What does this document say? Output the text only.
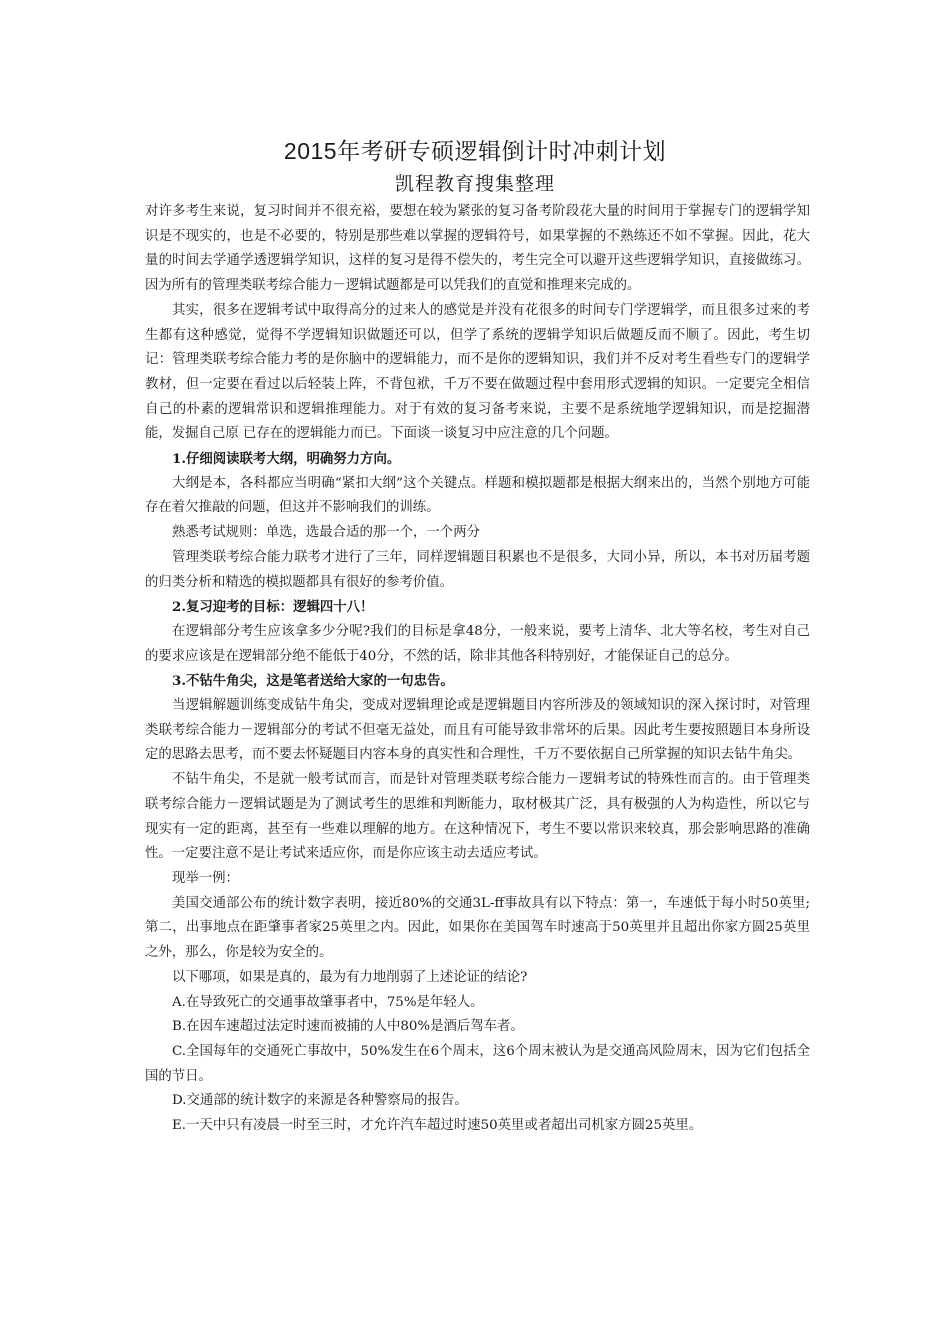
2015年考研专硕逻辑倒计时冲刺计划
凯程教育搜集整理

对许多考生来说，复习时间并不很充裕，要想在较为紧张的复习备考阶段花大量的时间用于掌握专门的逻辑学知识是不现实的，也是不必要的，特别是那些难以掌握的逻辑符号，如果掌握的不熟练还不如不掌握。因此，花大量的时间去学通学透逻辑学知识，这样的复习是得不偿失的，考生完全可以避开这些逻辑学知识，直接做练习。因为所有的管理类联考综合能力－逻辑试题都是可以凭我们的直觉和推理来完成的。

其实，很多在逻辑考试中取得高分的过来人的感觉是并没有花很多的时间专门学逻辑学，而且很多过来的考生都有这种感觉，觉得不学逻辑知识做题还可以，但学了系统的逻辑学知识后做题反而不顺了。因此，考生切记：管理类联考综合能力考的是你脑中的逻辑能力，而不是你的逻辑知识，我们并不反对考生看些专门的逻辑学教材，但一定要在看过以后轻装上阵，不背包袱，千万不要在做题过程中套用形式逻辑的知识。一定要完全相信自己的朴素的逻辑常识和逻辑推理能力。对于有效的复习备考来说，主要不是系统地学逻辑知识，而是挖掘潜能，发掘自己原 已存在的逻辑能力而已。下面谈一谈复习中应注意的几个问题。

1.仔细阅读联考大纲，明确努力方向。

大纲是本，各科都应当明确“紧扣大纲”这个关键点。样题和模拟题都是根据大纲来出的，当然个别地方可能存在着欠推敲的问题，但这并不影响我们的训练。

熟悉考试规则：单选，选最合适的那一个，一个两分

管理类联考综合能力联考才进行了三年，同样逻辑题目积累也不是很多，大同小异，所以，本书对历届考题的归类分析和精选的模拟题都具有很好的参考价值。

2.复习迎考的目标：逻辑四十八！

在逻辑部分考生应该拿多少分呢?我们的目标是拿48分，一般来说，要考上清华、北大等名校，考生对自己的要求应该是在逻辑部分绝不能低于40分，不然的话，除非其他各科特别好，才能保证自己的总分。

3.不钻牛角尖，这是笔者送给大家的一句忠告。

当逻辑解题训练变成钻牛角尖，变成对逻辑理论或是逻辑题目内容所涉及的领域知识的深入探讨时，对管理类联考综合能力－逻辑部分的考试不但毫无益处，而且有可能导致非常坏的后果。因此考生要按照题目本身所设定的思路去思考，而不要去怀疑题目内容本身的真实性和合理性，千万不要依据自己所掌握的知识去钻牛角尖。

不钻牛角尖，不是就一般考试而言，而是针对管理类联考综合能力－逻辑考试的特殊性而言的。由于管理类联考综合能力－逻辑试题是为了测试考生的思维和判断能力，取材极其广泛，具有极强的人为构造性，所以它与现实有一定的距离，甚至有一些难以理解的地方。在这种情况下，考生不要以常识来较真，那会影响思路的准确性。一定要注意不是让考试来适应你，而是你应该主动去适应考试。

现举一例：

美国交通部公布的统计数字表明，接近80%的交通3L-ff事故具有以下特点：第一，车速低于每小时50英里;第二，出事地点在距肇事者家25英里之内。因此，如果你在美国驾车时速高于50英里并且超出你家方圆25英里之外，那么，你是较为安全的。

以下哪项，如果是真的，最为有力地削弱了上述论证的结论?

A.在导致死亡的交通事故肇事者中，75%是年轻人。

B.在因车速超过法定时速而被捕的人中80%是酒后驾车者。

C.全国每年的交通死亡事故中，50%发生在6个周末，这6个周末被认为是交通高风险周末，因为它们包括全国的节日。

D.交通部的统计数字的来源是各种警察局的报告。

E.一天中只有凌晨一时至三时，才允许汽车超过时速50英里或者超出司机家方圆25英里。
